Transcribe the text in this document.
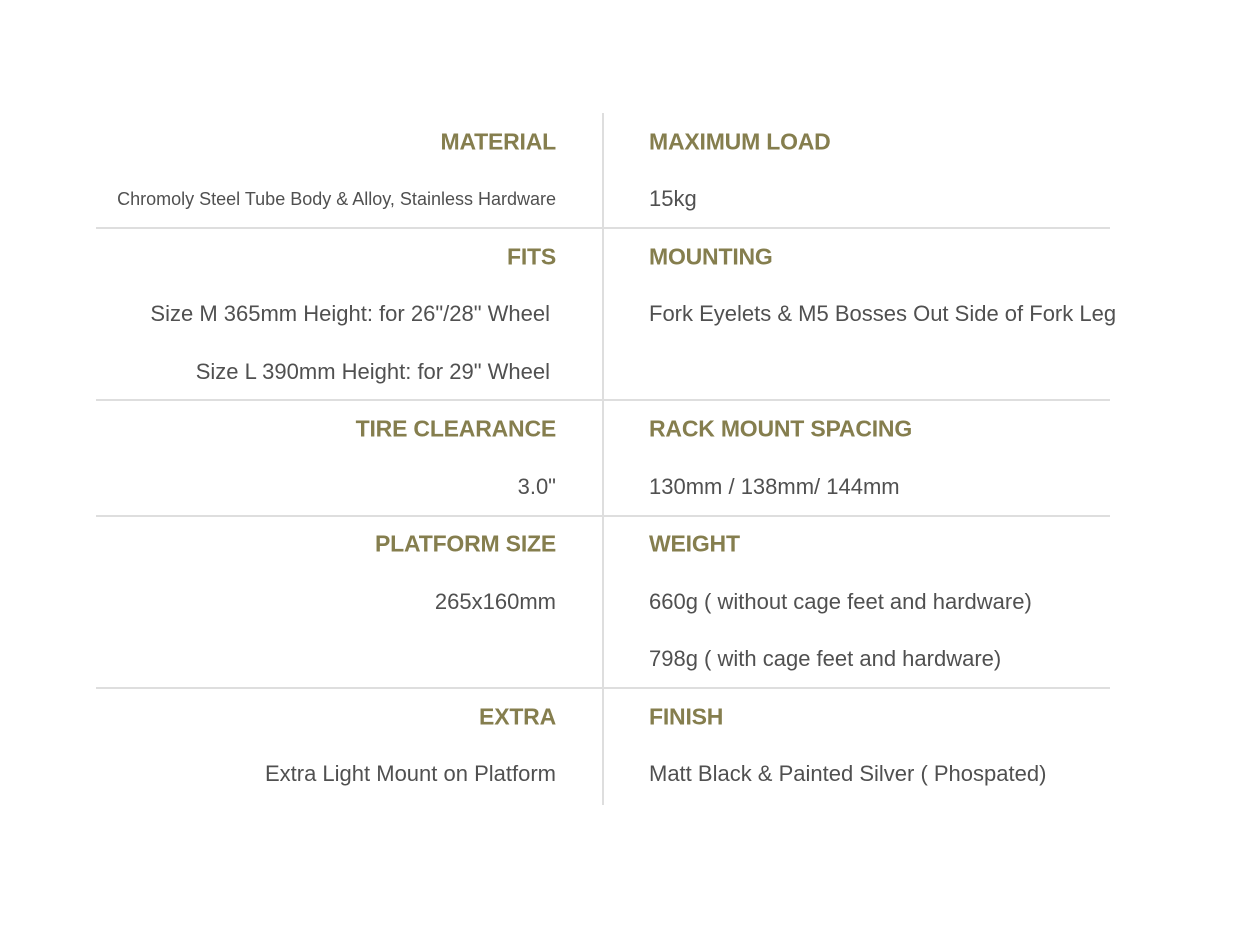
MATERIAL
Chromoly Steel Tube Body & Alloy, Stainless Hardware
MAXIMUM LOAD
15kg
FITS
Size M 365mm Height: for 26"/28" Wheel
Size L 390mm Height: for 29" Wheel
MOUNTING
Fork Eyelets & M5 Bosses Out Side of Fork Leg
TIRE CLEARANCE
3.0"
RACK MOUNT SPACING
130mm / 138mm/ 144mm
PLATFORM SIZE
265x160mm
WEIGHT
660g ( without cage feet and hardware)
798g ( with cage feet and hardware)
EXTRA
Extra Light Mount on Platform
FINISH
Matt Black & Painted Silver ( Phospated)
